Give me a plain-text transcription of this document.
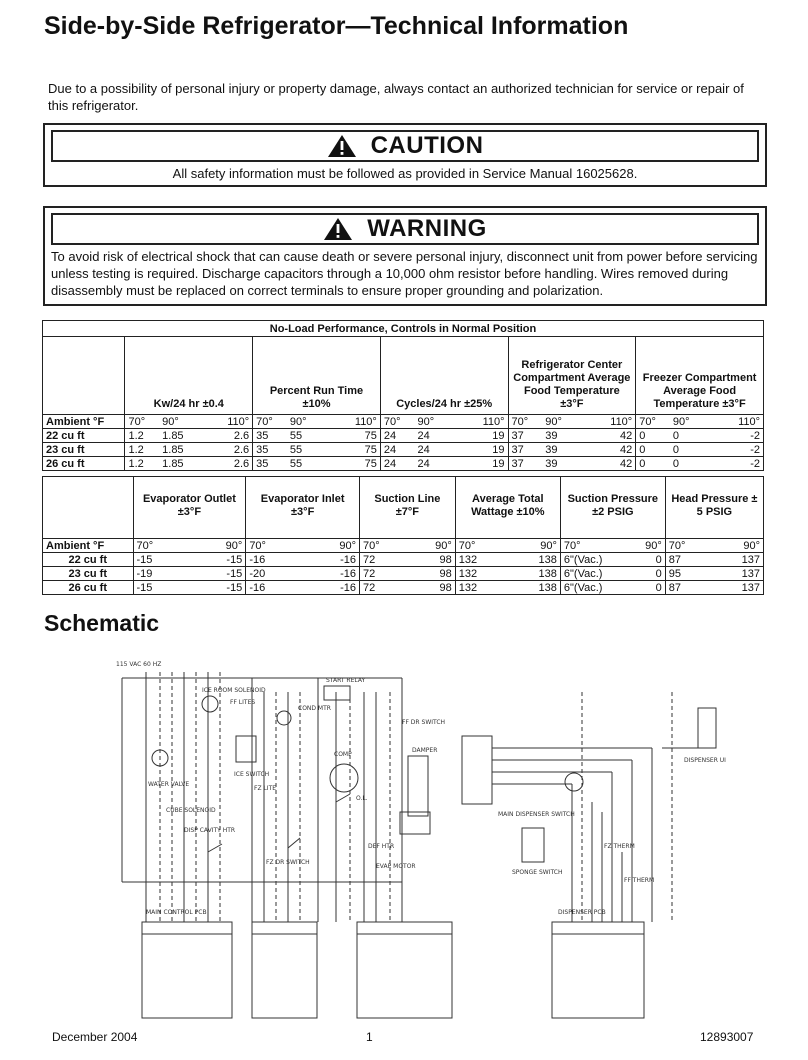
Side-by-Side Refrigerator—Technical Information
Due to a possibility of personal injury or property damage, always contact an authorized technician for service or repair of this refrigerator.
CAUTION
All safety information must be followed as provided in Service Manual 16025628.
WARNING
To avoid risk of electrical shock that can cause death or severe personal injury, disconnect unit from power before servicing unless testing is required. Discharge capacitors through a 10,000 ohm resistor before handling. Wires removed during disassembly must be replaced on correct terminals to ensure proper grounding and polarization.
No-Load Performance, Controls in Normal Position															
	Kw/24 hr ±0.4			Percent Run Time ±10%			Cycles/24 hr ±25%			Refrigerator Center Compartment Average Food Temperature ±3°F			Freezer Compartment Average Food Temperature ±3°F		
Ambient °F	70°	90°	110°	70°	90°	110°	70°	90°	110°	70°	90°	110°	70°	90°	110°
22 cu ft	1.2	1.85	2.6	35	55	75	24	24	19	37	39	42	0	0	-2
23 cu ft	1.2	1.85	2.6	35	55	75	24	24	19	37	39	42	0	0	-2
26 cu ft	1.2	1.85	2.6	35	55	75	24	24	19	37	39	42	0	0	-2
	Evaporator Outlet ±3°F		Evaporator Inlet ±3°F		Suction Line ±7°F		Average Total Wattage ±10%		Suction Pressure ±2 PSIG		Head Pressure ± 5 PSIG	
Ambient °F	70°	90°	70°	90°	70°	90°	70°	90°	70°	90°	70°	90°
22 cu ft	-15	-15	-16	-16	72	98	132	138	6"(Vac.)	0	87	137
23 cu ft	-19	-15	-20	-16	72	98	132	138	6"(Vac.)	0	95	137
26 cu ft	-15	-15	-16	-16	72	98	132	138	6"(Vac.)	0	87	137
Schematic
115 VAC 60 HZ
WATER VALVE
ICE ROOM SOLENOID
CUBE SOLENOID
DISP CAVITY HTR
FF LITES
ICE SWITCH
FZ LITE
FZ DR SWITCH
DEF HTR
COMP
O.L.
START RELAY
COND MTR
EVAP MOTOR
DAMPER
FF DR SWITCH
MAIN CONTROL PCB	DISPENSER PCB
MAIN DISPENSER SWITCH
SPONGE SWITCH
FZ THERM
FF THERM
DISPENSER UI
December 2004	1	12893007
